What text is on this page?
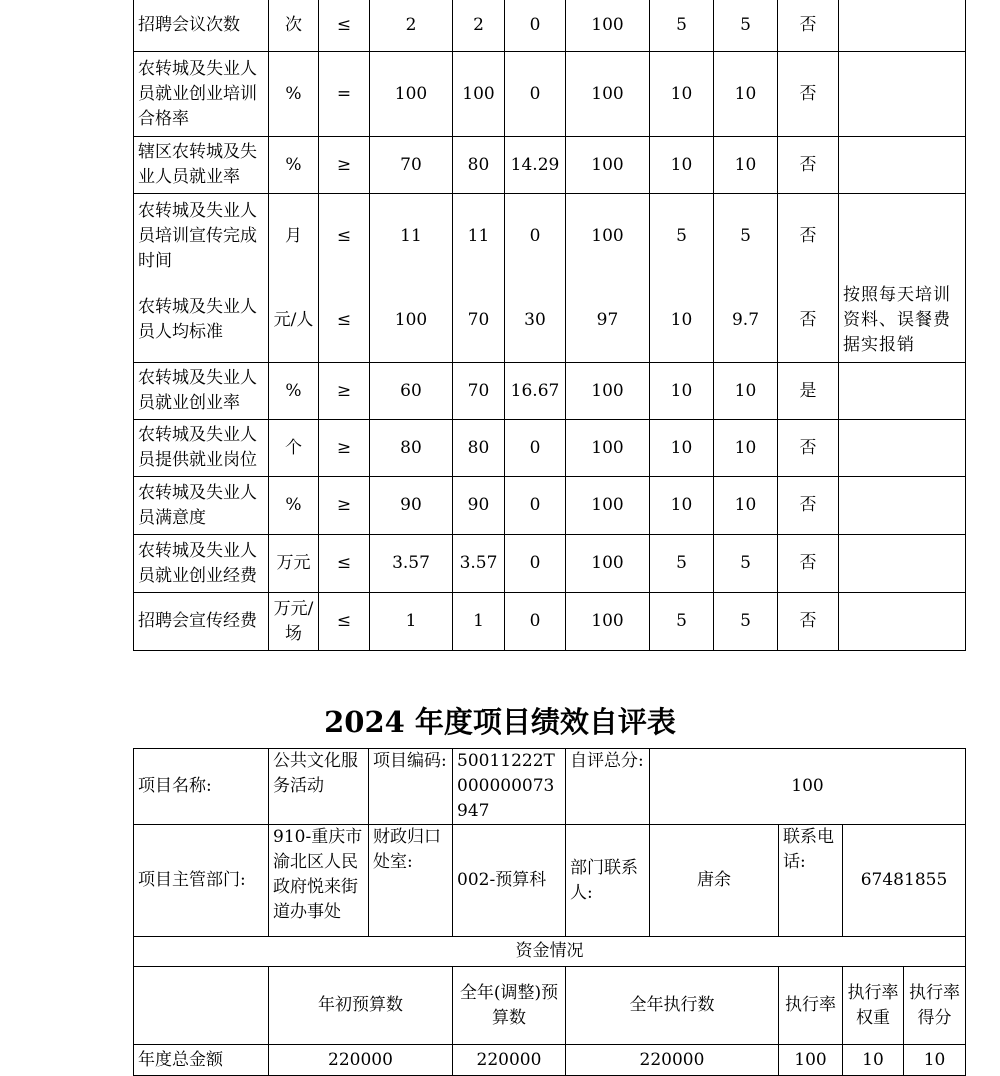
招聘会议次数	次	≤	2	2	0	100	5	5	否	
农转城及失业人员就业创业培训合格率	%	=	100	100	0	100	10	10	否	
辖区农转城及失业人员就业率	%	≥	70	80	14.29	100	10	10	否	
农转城及失业人员培训宣传完成时间	月	≤	11	11	0	100	5	5	否	
农转城及失业人员人均标准	元/人	≤	100	70	30	97	10	9.7	否	按照每天培训资料、误餐费据实报销
农转城及失业人员就业创业率	%	≥	60	70	16.67	100	10	10	是	
农转城及失业人员提供就业岗位	个	≥	80	80	0	100	10	10	否	
农转城及失业人员满意度	%	≥	90	90	0	100	10	10	否	
农转城及失业人员就业创业经费	万元	≤	3.57	3.57	0	100	5	5	否	
招聘会宣传经费	万元/场	≤	1	1	0	100	5	5	否	
2024 年度项目绩效自评表
项目名称:	公共文化服务活动	项目编码:	50011222T000000073947	自评总分:	100			
项目主管部门:	910-重庆市渝北区人民政府悦来街道办事处	财政归口处室:	002-预算科	部门联系人:	唐余	联系电话:	67481855	
资金情况								
	年初预算数		全年(调整)预算数	全年执行数		执行率	执行率权重	执行率得分
年度总金额	220000		220000	220000		100	10	10
